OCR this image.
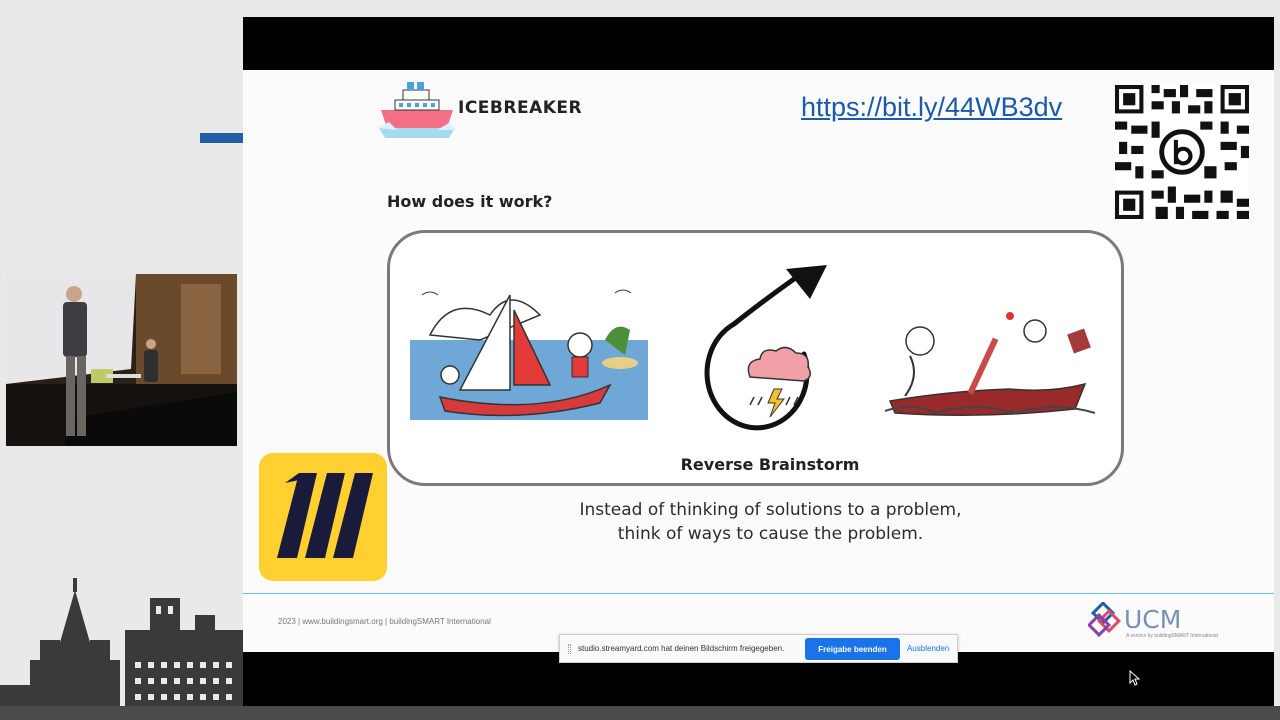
ICEBREAKER	https://bit.ly/44WB3dv
How does it work?
Reverse Brainstorm
Instead of thinking of solutions to a problem,
think of ways to cause the problem.
2023 | www.buildingsmart.org | buildingSMART International	UCM
A service by buildingSMART International
studio.streamyard.com hat deinen Bildschirm freigegeben.	Freigabe beenden	Ausblenden
